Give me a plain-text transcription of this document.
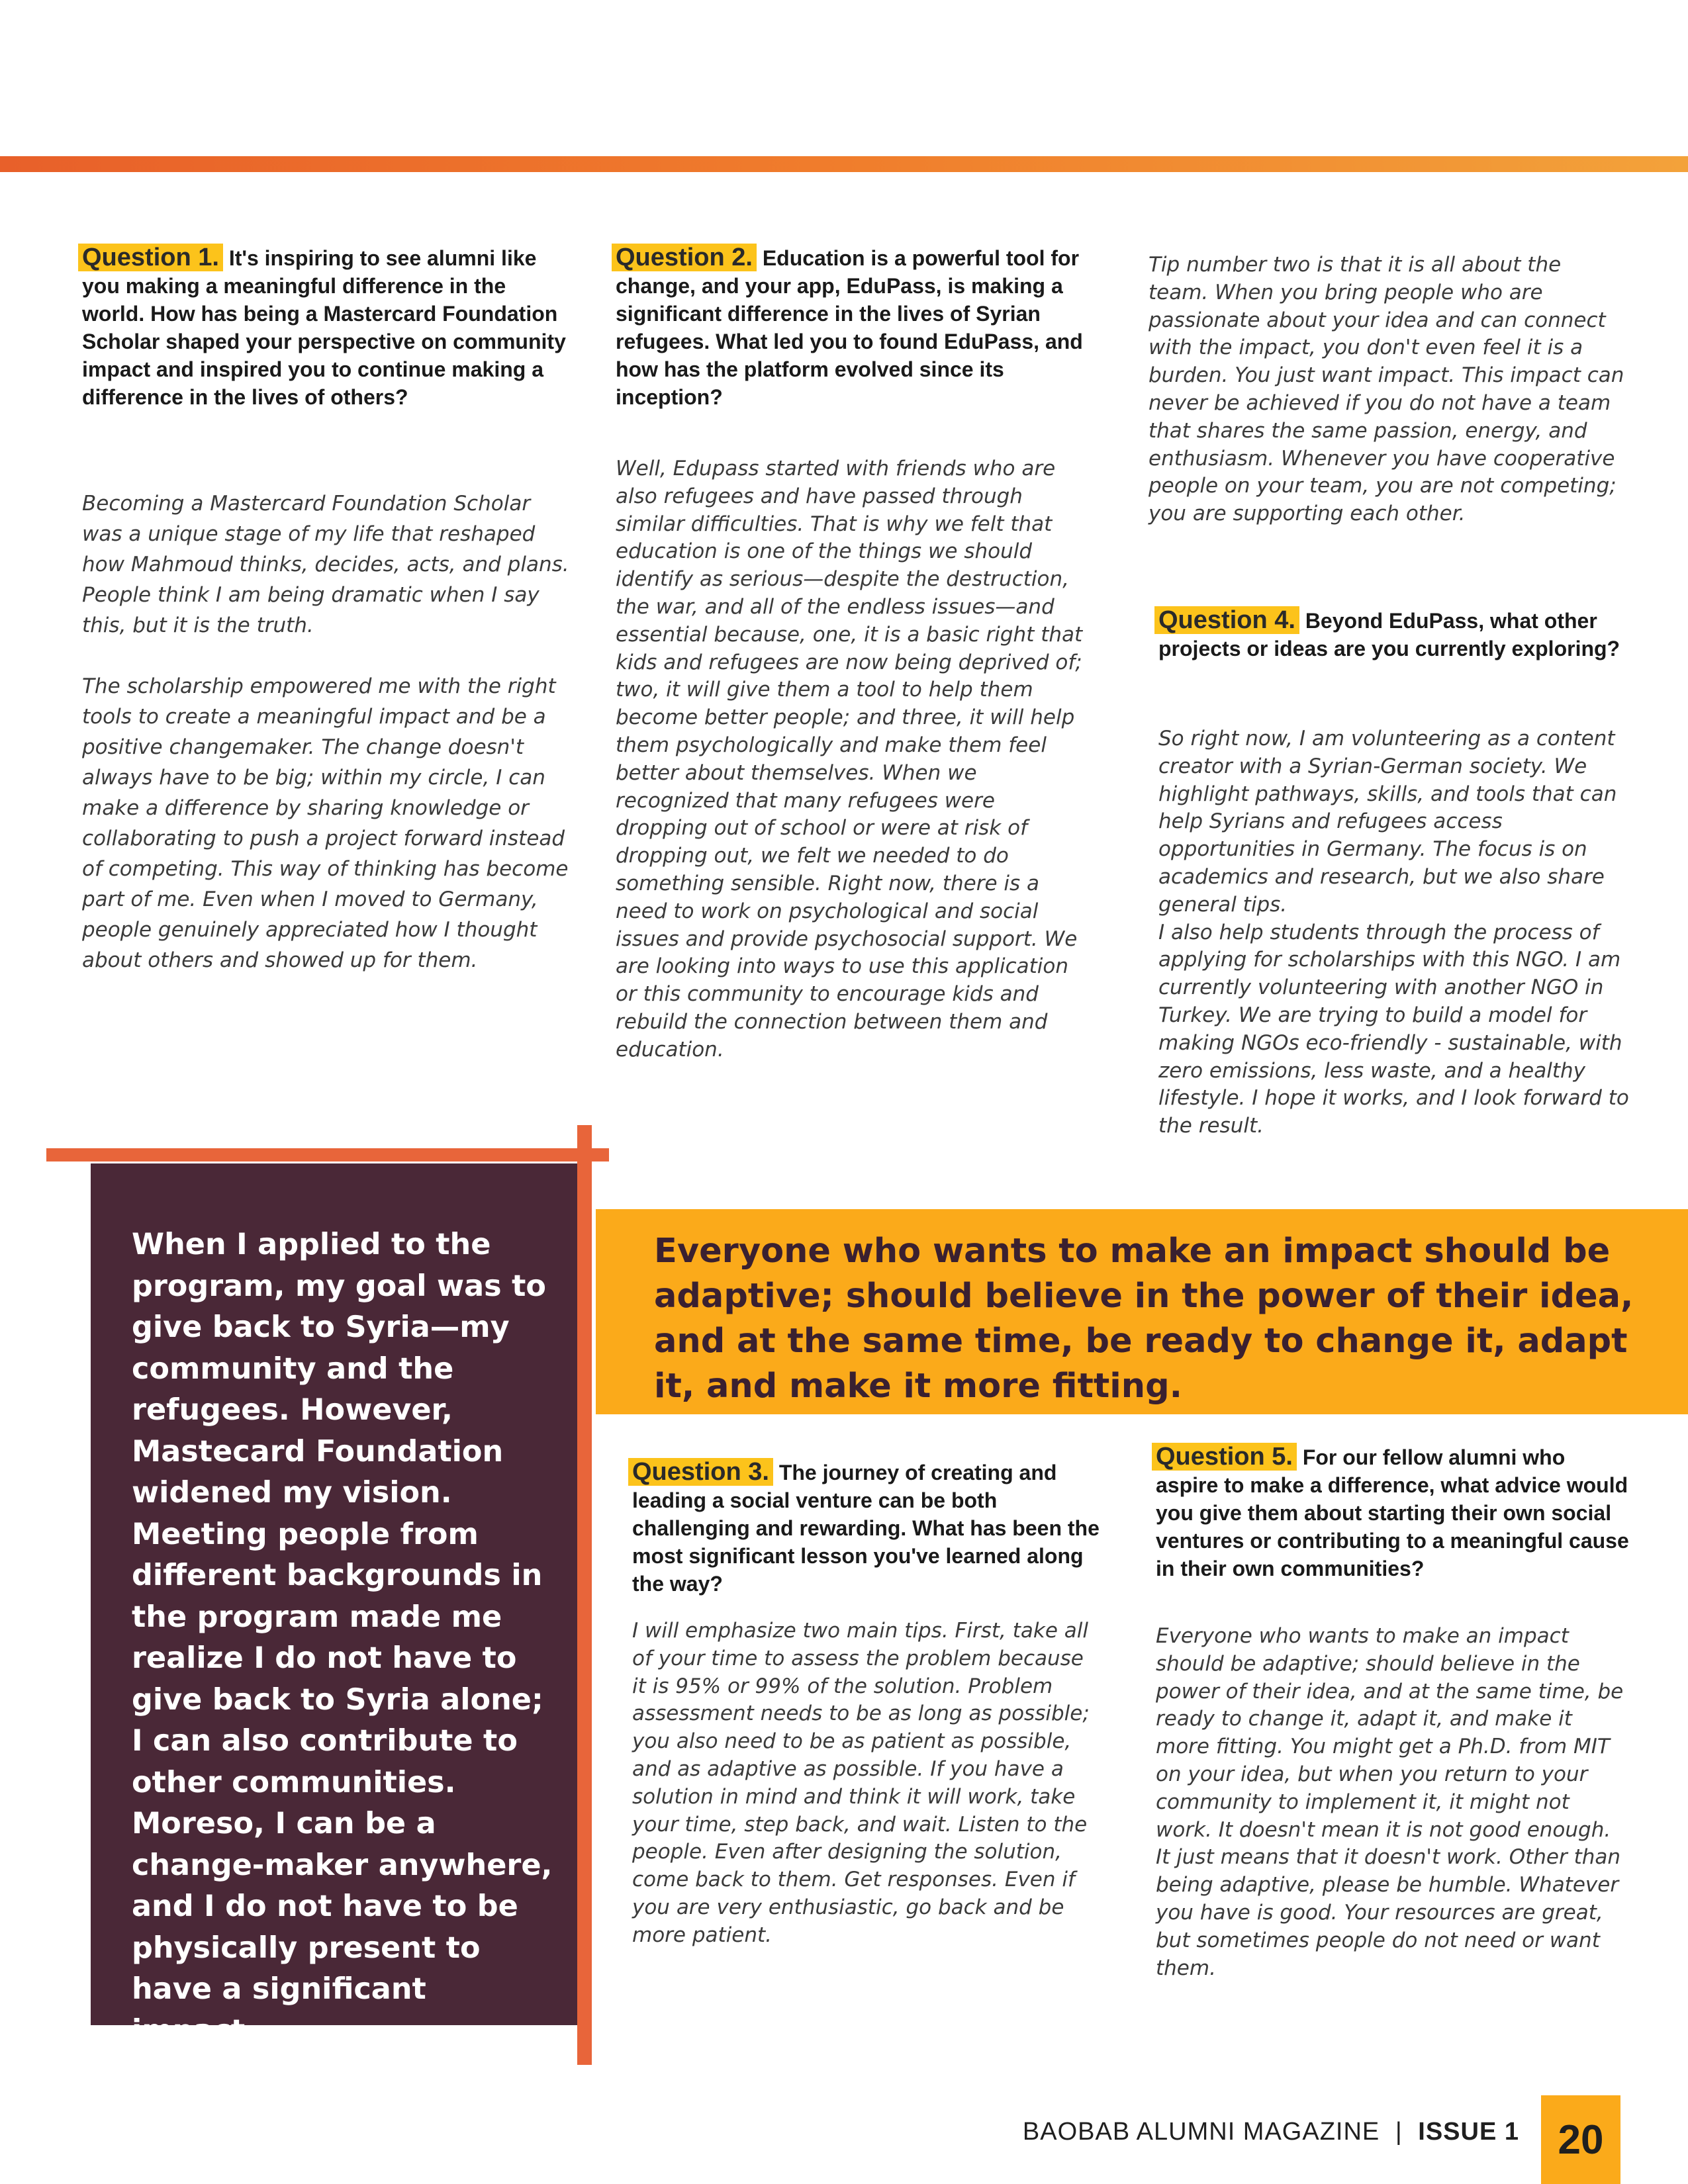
Question 1. It's inspiring to see alumni like you making a meaningful difference in the world. How has being a Mastercard Foundation Scholar shaped your perspective on community impact and inspired you to continue making a difference in the lives of others?

Becoming a Mastercard Foundation Scholar was a unique stage of my life that reshaped how Mahmoud thinks, decides, acts, and plans. People think I am being dramatic when I say this, but it is the truth.

The scholarship empowered me with the right tools to create a meaningful impact and be a positive changemaker. The change doesn't always have to be big; within my circle, I can make a difference by sharing knowledge or collaborating to push a project forward instead of competing. This way of thinking has become part of me. Even when I moved to Germany, people genuinely appreciated how I thought about others and showed up for them.

Question 2. Education is a powerful tool for change, and your app, EduPass, is making a significant difference in the lives of Syrian refugees. What led you to found EduPass, and how has the platform evolved since its inception?

Well, Edupass started with friends who are also refugees and have passed through similar difficulties. That is why we felt that education is one of the things we should identify as serious—despite the destruction, the war, and all of the endless issues—and essential because, one, it is a basic right that kids and refugees are now being deprived of; two, it will give them a tool to help them become better people; and three, it will help them psychologically and make them feel better about themselves. When we recognized that many refugees were dropping out of school or were at risk of dropping out, we felt we needed to do something sensible. Right now, there is a need to work on psychological and social issues and provide psychosocial support. We are looking into ways to use this application or this community to encourage kids and rebuild the connection between them and education.

Tip number two is that it is all about the team. When you bring people who are passionate about your idea and can connect with the impact, you don't even feel it is a burden. You just want impact. This impact can never be achieved if you do not have a team that shares the same passion, energy, and enthusiasm. Whenever you have cooperative people on your team, you are not competing; you are supporting each other.

Question 4. Beyond EduPass, what other projects or ideas are you currently exploring?

So right now, I am volunteering as a content creator with a Syrian-German society. We highlight pathways, skills, and tools that can help Syrians and refugees access opportunities in Germany. The focus is on academics and research, but we also share general tips.

I also help students through the process of applying for scholarships with this NGO. I am currently volunteering with another NGO in Turkey. We are trying to build a model for making NGOs eco-friendly - sustainable, with zero emissions, less waste, and a healthy lifestyle. I hope it works, and I look forward to the result.

When I applied to the program, my goal was to give back to Syria—my community and the refugees. However, Mastecard Foundation widened my vision. Meeting people from different backgrounds in the program made me realize I do not have to give back to Syria alone; I can also contribute to other communities. Moreso, I can be a change-maker anywhere, and I do not have to be physically present to have a significant impact.

Everyone who wants to make an impact should be adaptive; should believe in the power of their idea, and at the same time, be ready to change it, adapt it, and make it more fitting.

Question 3. The journey of creating and leading a social venture can be both challenging and rewarding. What has been the most significant lesson you've learned along the way?

I will emphasize two main tips. First, take all of your time to assess the problem because it is 95% or 99% of the solution. Problem assessment needs to be as long as possible; you also need to be as patient as possible, and as adaptive as possible. If you have a solution in mind and think it will work, take your time, step back, and wait. Listen to the people. Even after designing the solution, come back to them. Get responses. Even if you are very enthusiastic, go back and be more patient.

Question 5. For our fellow alumni who aspire to make a difference, what advice would you give them about starting their own social ventures or contributing to a meaningful cause in their own communities?

Everyone who wants to make an impact should be adaptive; should believe in the power of their idea, and at the same time, be ready to change it, adapt it, and make it more fitting. You might get a Ph.D. from MIT on your idea, but when you return to your community to implement it, it might not work. It doesn't mean it is not good enough. It just means that it doesn't work. Other than being adaptive, please be humble. Whatever you have is good. Your resources are great, but sometimes people do not need or want them.

BAOBAB ALUMNI MAGAZINE | ISSUE 1 20
